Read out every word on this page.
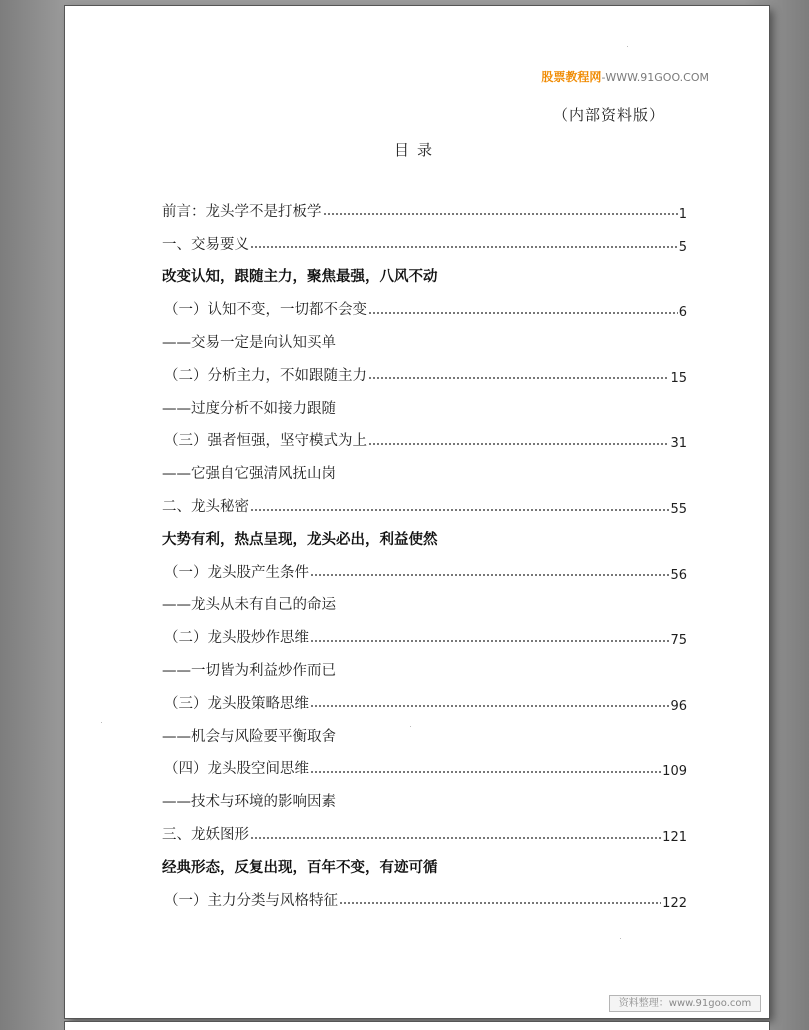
股票教程网-WWW.91GOO.COM
（内部资料版）
目录
前言：龙头学不是打板学	1
一、交易要义	5
改变认知，跟随主力，聚焦最强，八风不动
（一）认知不变，一切都不会变	6
——交易一定是向认知买单
（二）分析主力，不如跟随主力	15
——过度分析不如接力跟随
（三）强者恒强，坚守模式为上	31
——它强自它强清风抚山岗
二、龙头秘密	55
大势有利，热点呈现，龙头必出，利益使然
（一）龙头股产生条件	56
——龙头从未有自己的命运
（二）龙头股炒作思维	75
——一切皆为利益炒作而已
（三）龙头股策略思维	96
——机会与风险要平衡取舍
（四）龙头股空间思维	109
——技术与环境的影响因素
三、龙妖图形	121
经典形态，反复出现，百年不变，有迹可循
（一）主力分类与风格特征	122
资料整理：www.91goo.com
